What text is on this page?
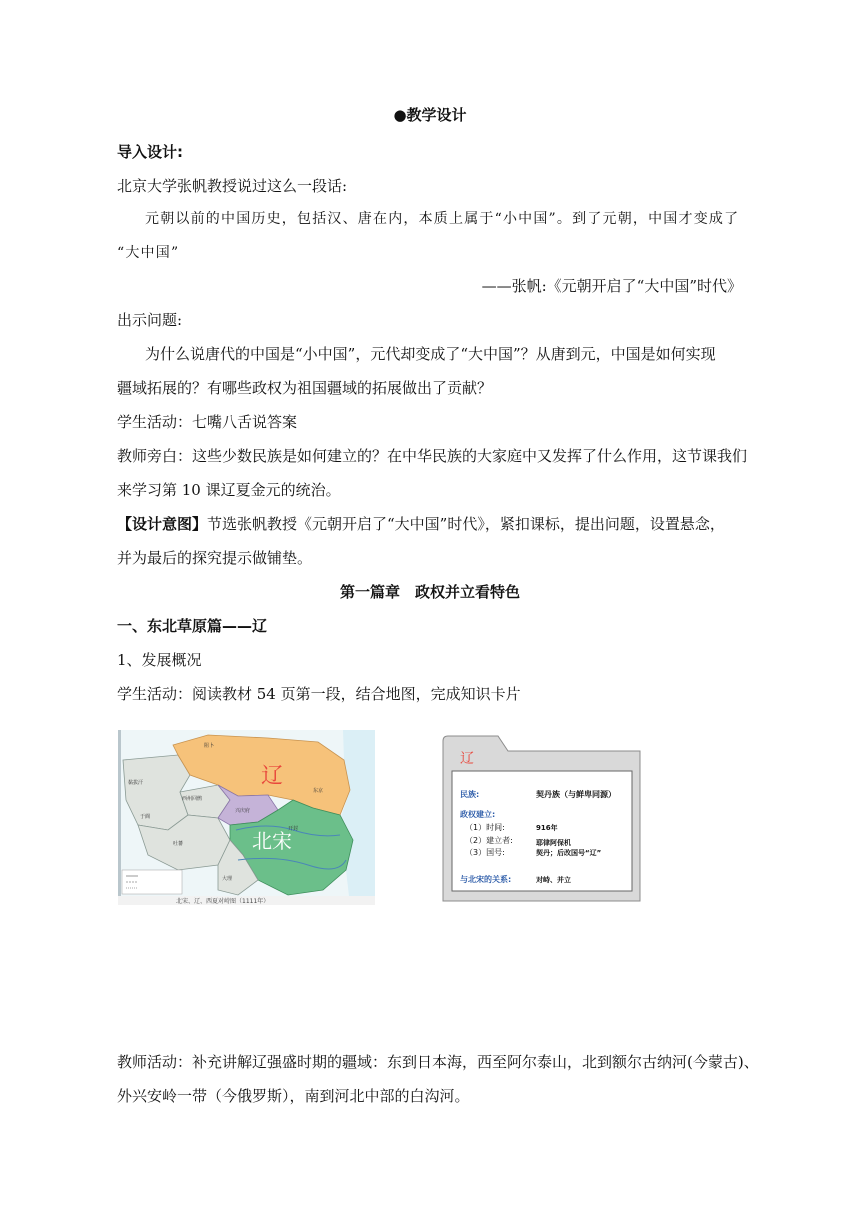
●教学设计
导入设计:
北京大学张帆教授说过这么一段话:
元朝以前的中国历史，包括汉、唐在内，本质上属于“小中国”。到了元朝，中国才变成了
“大中国”
——张帆:《元朝开启了“大中国”时代》
出示问题:
为什么说唐代的中国是“小中国”，元代却变成了“大中国”？从唐到元，中国是如何实现
疆域拓展的？有哪些政权为祖国疆域的拓展做出了贡献？
学生活动：七嘴八舌说答案
教师旁白：这些少数民族是如何建立的？在中华民族的大家庭中又发挥了什么作用，这节课我们
来学习第 10 课辽夏金元的统治。
【设计意图】节选张帆教授《元朝开启了“大中国”时代》，紧扣课标，提出问题，设置悬念，
并为最后的探究提示做铺垫。
第一篇章　政权并立看特色
一、东北草原篇——辽
1、发展概况
学生活动：阅读教材 54 页第一段，结合地图，完成知识卡片
北宋、辽、西夏对峙图（1111年）
辽
北宋
阻卜
黏拔汗
西州回鹘
于阗
吐蕃
兴庆府
东京
大理
开封
辽
民族:	契丹族（与鲜卑同源）
政权建立:
（1）时间:	916年
（2）建立者:	耶律阿保机
（3）国号:	契丹；后改国号“辽”
与北宋的关系:	对峙、并立
教师活动：补充讲解辽强盛时期的疆域：东到日本海，西至阿尔泰山，北到额尔古纳河(今蒙古)、
外兴安岭一带（今俄罗斯），南到河北中部的白沟河。
